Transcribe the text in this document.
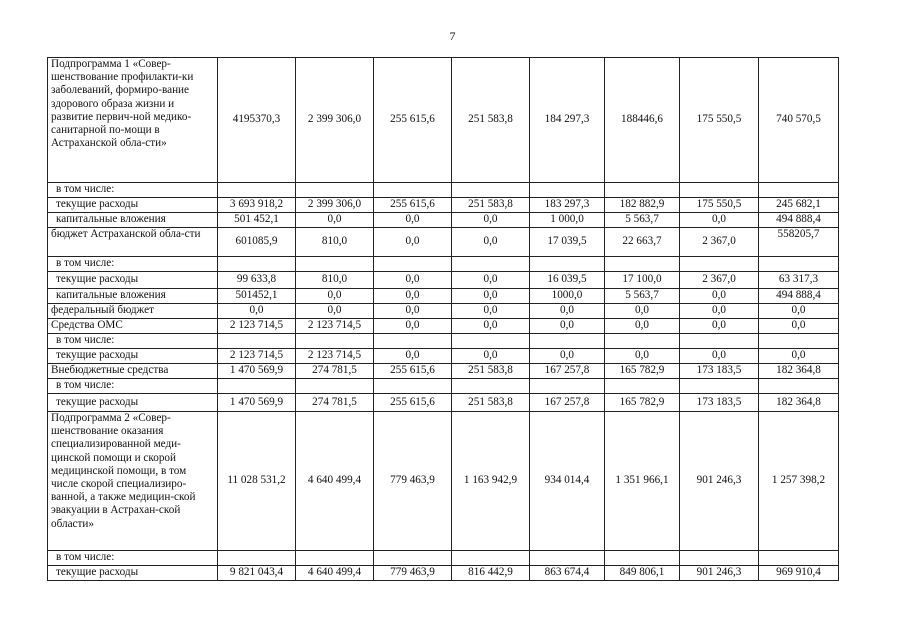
7
Подпрограмма 1 «Совер-шенствование профилакти-ки заболеваний, формиро-вание здорового образа жизни и развитие первич-ной медико-санитарной по-мощи в Астраханской обла-сти»	4195370,3	2 399 306,0	255 615,6	251 583,8	184 297,3	188446,6	175 550,5	740 570,5
в том числе:								
текущие расходы	3 693 918,2	2 399 306,0	255 615,6	251 583,8	183 297,3	182 882,9	175 550,5	245 682,1
капитальные вложения	501 452,1	0,0	0,0	0,0	1 000,0	5 563,7	0,0	494 888,4
бюджет Астраханской обла-сти	601085,9	810,0	0,0	0,0	17 039,5	22 663,7	2 367,0	558205,7
в том числе:								
текущие расходы	99 633,8	810,0	0,0	0,0	16 039,5	17 100,0	2 367,0	63 317,3
капитальные вложения	501452,1	0,0	0,0	0,0	1000,0	5 563,7	0,0	494 888,4
федеральный бюджет	0,0	0,0	0,0	0,0	0,0	0,0	0,0	0,0
Средства ОМС	2 123 714,5	2 123 714,5	0,0	0,0	0,0	0,0	0,0	0,0
в том числе:								
текущие расходы	2 123 714,5	2 123 714,5	0,0	0,0	0,0	0,0	0,0	0,0
Внебюджетные средства	1 470 569,9	274 781,5	255 615,6	251 583,8	167 257,8	165 782,9	173 183,5	182 364,8
в том числе:								
текущие расходы	1 470 569,9	274 781,5	255 615,6	251 583,8	167 257,8	165 782,9	173 183,5	182 364,8
Подпрограмма 2 «Совер-шенствование оказания специализированной меди-цинской помощи и скорой медицинской помощи, в том числе скорой специализиро-ванной, а также медицин-ской эвакуации в Астрахан-ской области»	11 028 531,2	4 640 499,4	779 463,9	1 163 942,9	934 014,4	1 351 966,1	901 246,3	1 257 398,2
в том числе:								
текущие расходы	9 821 043,4	4 640 499,4	779 463,9	816 442,9	863 674,4	849 806,1	901 246,3	969 910,4
